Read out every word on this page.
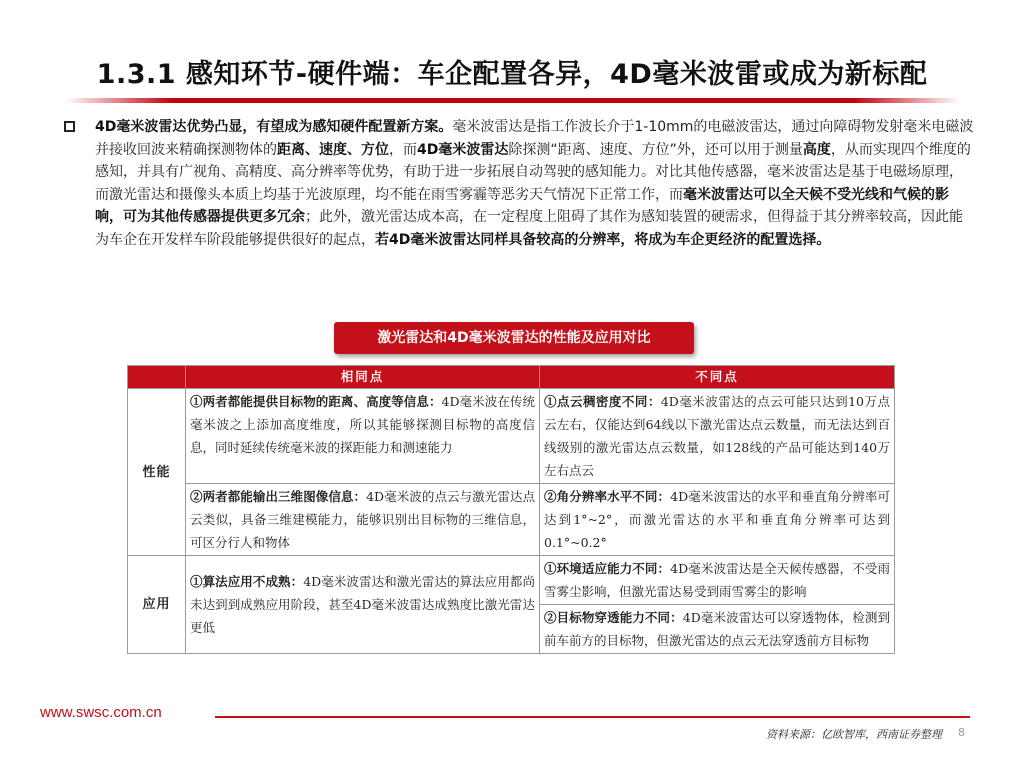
1.3.1 感知环节-硬件端：车企配置各异，4D毫米波雷或成为新标配
4D毫米波雷达优势凸显，有望成为感知硬件配置新方案。毫米波雷达是指工作波长介于1-10mm的电磁波雷达，通过向障碍物发射毫米电磁波并接收回波来精确探测物体的距离、速度、方位，而4D毫米波雷达除探测“距离、速度、方位”外，还可以用于测量高度，从而实现四个维度的感知，并具有广视角、高精度、高分辨率等优势，有助于进一步拓展自动驾驶的感知能力。对比其他传感器，毫米波雷达是基于电磁场原理，而激光雷达和摄像头本质上均基于光波原理，均不能在雨雪雾霾等恶劣天气情况下正常工作，而毫米波雷达可以全天候不受光线和气候的影响，可为其他传感器提供更多冗余；此外，激光雷达成本高，在一定程度上阻碍了其作为感知装置的硬需求，但得益于其分辨率较高，因此能为车企在开发样车阶段能够提供很好的起点，若4D毫米波雷达同样具备较高的分辨率，将成为车企更经济的配置选择。
激光雷达和4D毫米波雷达的性能及应用对比
	相同点	不同点
性能	①两者都能提供目标物的距离、高度等信息：4D毫米波在传统毫米波之上添加高度维度，所以其能够探测目标物的高度信息，同时延续传统毫米波的探距能力和测速能力	①点云稠密度不同：4D毫米波雷达的点云可能只达到10万点云左右，仅能达到64线以下激光雷达点云数量，而无法达到百线级别的激光雷达点云数量，如128线的产品可能达到140万左右点云
	②两者都能输出三维图像信息：4D毫米波的点云与激光雷达点云类似，具备三维建模能力，能够识别出目标物的三维信息，可区分行人和物体	②角分辨率水平不同：4D毫米波雷达的水平和垂直角分辨率可达到1°~2°，而激光雷达的水平和垂直角分辨率可达到0.1°~0.2°
应用	①算法应用不成熟：4D毫米波雷达和激光雷达的算法应用都尚未达到到成熟应用阶段，甚至4D毫米波雷达成熟度比激光雷达更低	①环境适应能力不同：4D毫米波雷达是全天候传感器，不受雨雪雾尘影响，但激光雷达易受到雨雪雾尘的影响
		②目标物穿透能力不同：4D毫米波雷达可以穿透物体，检测到前车前方的目标物，但激光雷达的点云无法穿透前方目标物
www.swsc.com.cn
资料来源：亿欧智库，西南证券整理 8
